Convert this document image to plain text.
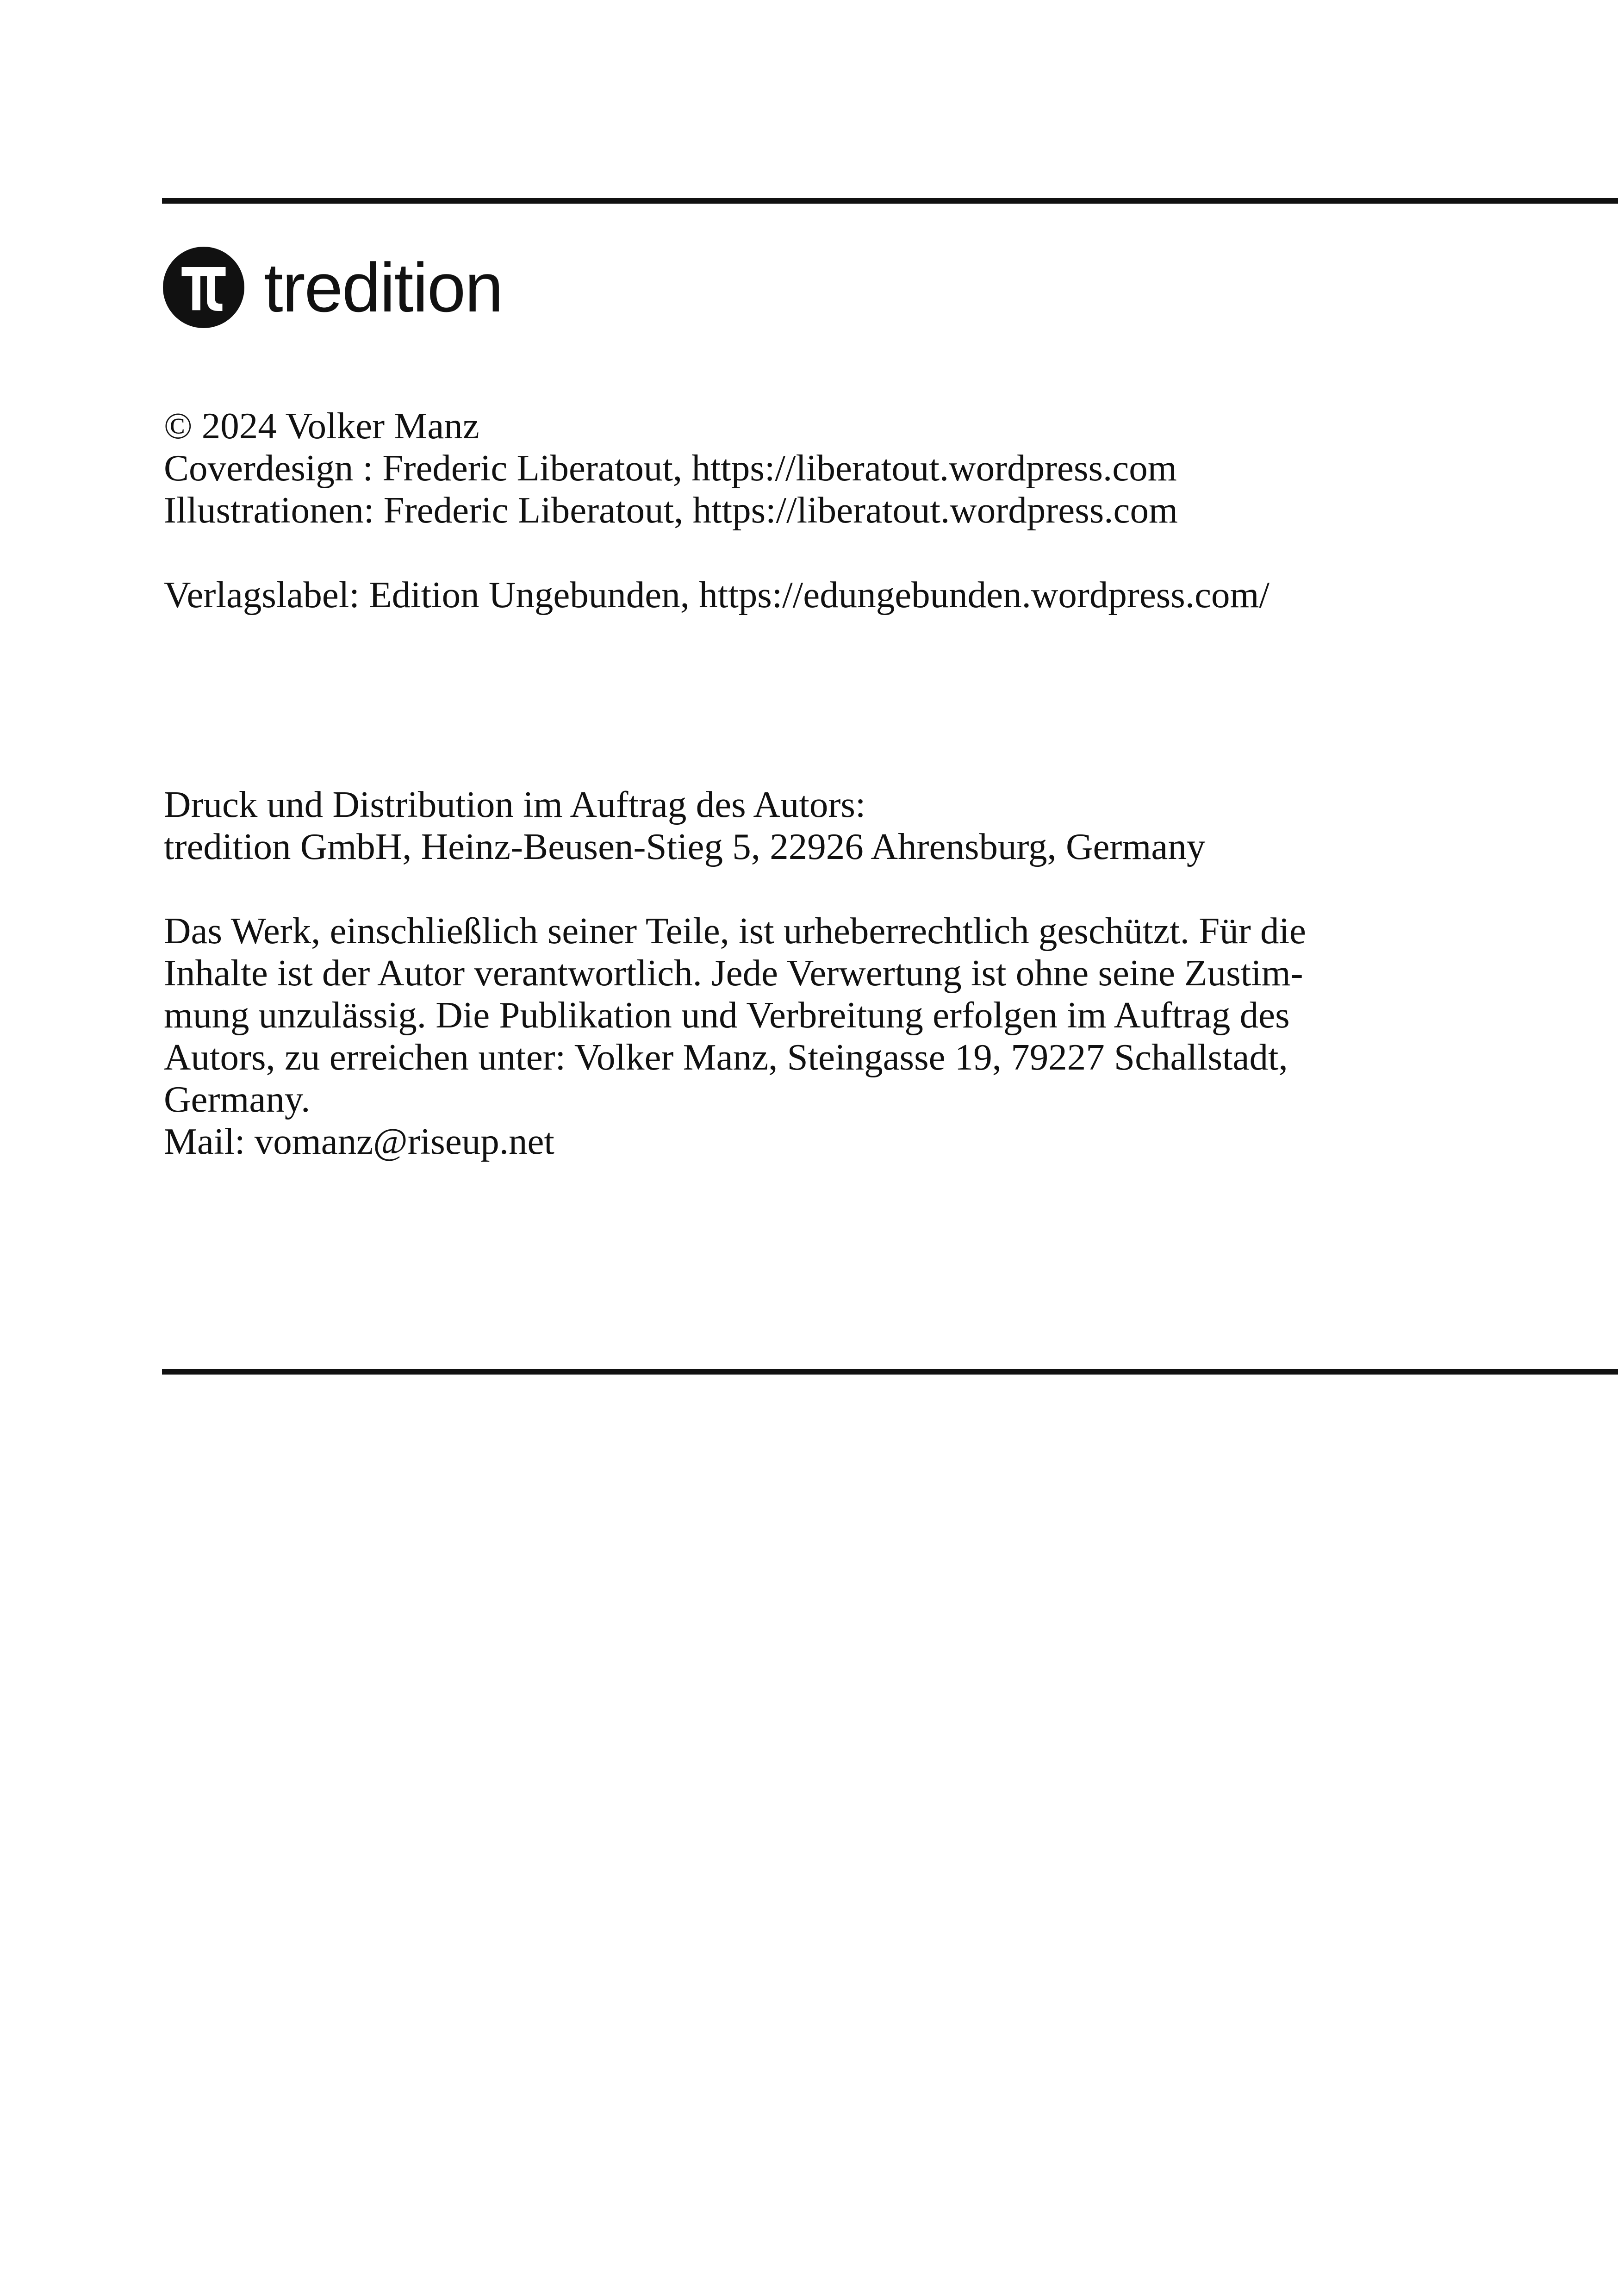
tredition
© 2024 Volker Manz
Coverdesign : Frederic Liberatout, https://liberatout.wordpress.com
Illustrationen: Frederic Liberatout, https://liberatout.wordpress.com
Verlagslabel: Edition Ungebunden, https://edungebunden.wordpress.com/
Druck und Distribution im Auftrag des Autors:
tredition GmbH, Heinz-Beusen-Stieg 5, 22926 Ahrensburg, Germany
Das Werk, einschließlich seiner Teile, ist urheberrechtlich geschützt. Für die
Inhalte ist der Autor verantwortlich. Jede Verwertung ist ohne seine Zustim-
mung unzulässig. Die Publikation und Verbreitung erfolgen im Auftrag des
Autors, zu erreichen unter: Volker Manz, Steingasse 19, 79227 Schallstadt,
Germany.
Mail: vomanz@riseup.net
